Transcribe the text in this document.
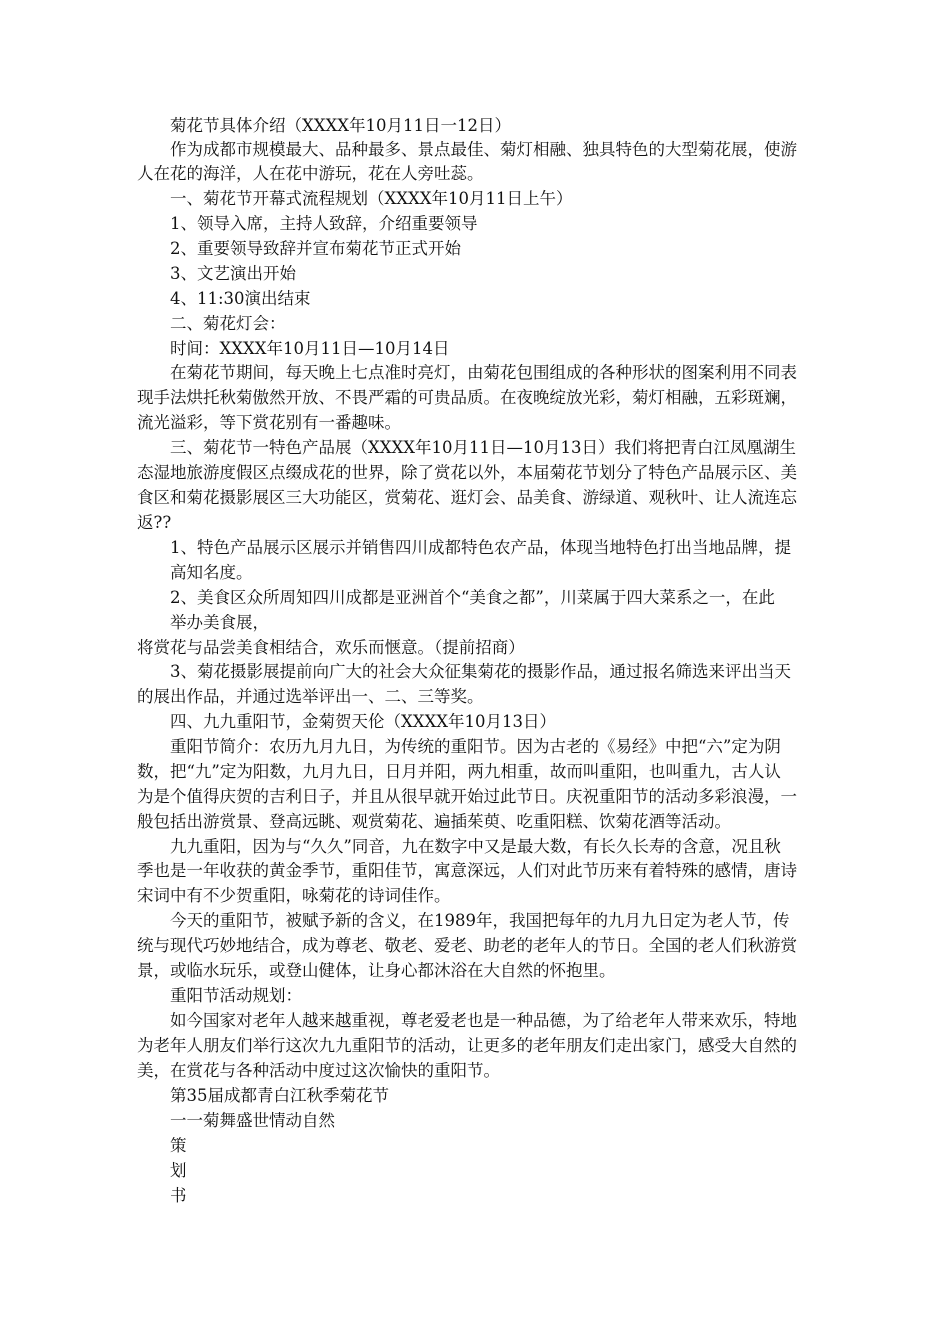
菊花节具体介绍（XXXX年10月11日一12日）
作为成都市规模最大、品种最多、景点最佳、菊灯相融、独具特色的大型菊花展，使游
人在花的海洋，人在花中游玩，花在人旁吐蕊。
一、菊花节开幕式流程规划（XXXX年10月11日上午）
1、领导入席，主持人致辞，介绍重要领导
2、重要领导致辞并宣布菊花节正式开始
3、文艺演出开始
4、11:30演出结束
二、菊花灯会：
时间：XXXX年10月11日—10月14日
在菊花节期间，每天晚上七点准时亮灯，由菊花包围组成的各种形状的图案利用不同表
现手法烘托秋菊傲然开放、不畏严霜的可贵品质。在夜晚绽放光彩，菊灯相融，五彩斑斓，
流光溢彩，等下赏花别有一番趣味。
三、菊花节一特色产品展（XXXX年10月11日—10月13日）我们将把青白江凤凰湖生
态湿地旅游度假区点缀成花的世界，除了赏花以外，本届菊花节划分了特色产品展示区、美
食区和菊花摄影展区三大功能区，赏菊花、逛灯会、品美食、游绿道、观秋叶、让人流连忘
返??
1、特色产品展示区展示并销售四川成都特色农产品，体现当地特色打出当地品牌，提
高知名度。
2、美食区众所周知四川成都是亚洲首个“美食之都”，川菜属于四大菜系之一，在此
举办美食展，
将赏花与品尝美食相结合，欢乐而惬意。（提前招商）
3、菊花摄影展提前向广大的社会大众征集菊花的摄影作品，通过报名筛选来评出当天
的展出作品，并通过选举评出一、二、三等奖。
四、九九重阳节，金菊贺天伦（XXXX年10月13日）
重阳节简介：农历九月九日，为传统的重阳节。因为古老的《易经》中把“六”定为阴
数，把“九”定为阳数，九月九日，日月并阳，两九相重，故而叫重阳，也叫重九，古人认
为是个值得庆贺的吉利日子，并且从很早就开始过此节日。庆祝重阳节的活动多彩浪漫，一
般包括出游赏景、登高远眺、观赏菊花、遍插茱萸、吃重阳糕、饮菊花酒等活动。
九九重阳，因为与“久久”同音，九在数字中又是最大数，有长久长寿的含意，况且秋
季也是一年收获的黄金季节，重阳佳节，寓意深远，人们对此节历来有着特殊的感情，唐诗
宋词中有不少贺重阳，咏菊花的诗词佳作。
今天的重阳节，被赋予新的含义，在1989年，我国把每年的九月九日定为老人节，传
统与现代巧妙地结合，成为尊老、敬老、爱老、助老的老年人的节日。全国的老人们秋游赏
景，或临水玩乐，或登山健体，让身心都沐浴在大自然的怀抱里。
重阳节活动规划：
如今国家对老年人越来越重视，尊老爱老也是一种品德，为了给老年人带来欢乐，特地
为老年人朋友们举行这次九九重阳节的活动，让更多的老年朋友们走出家门，感受大自然的
美，在赏花与各种活动中度过这次愉快的重阳节。
第35届成都青白江秋季菊花节
一一菊舞盛世情动自然
策
划
书
